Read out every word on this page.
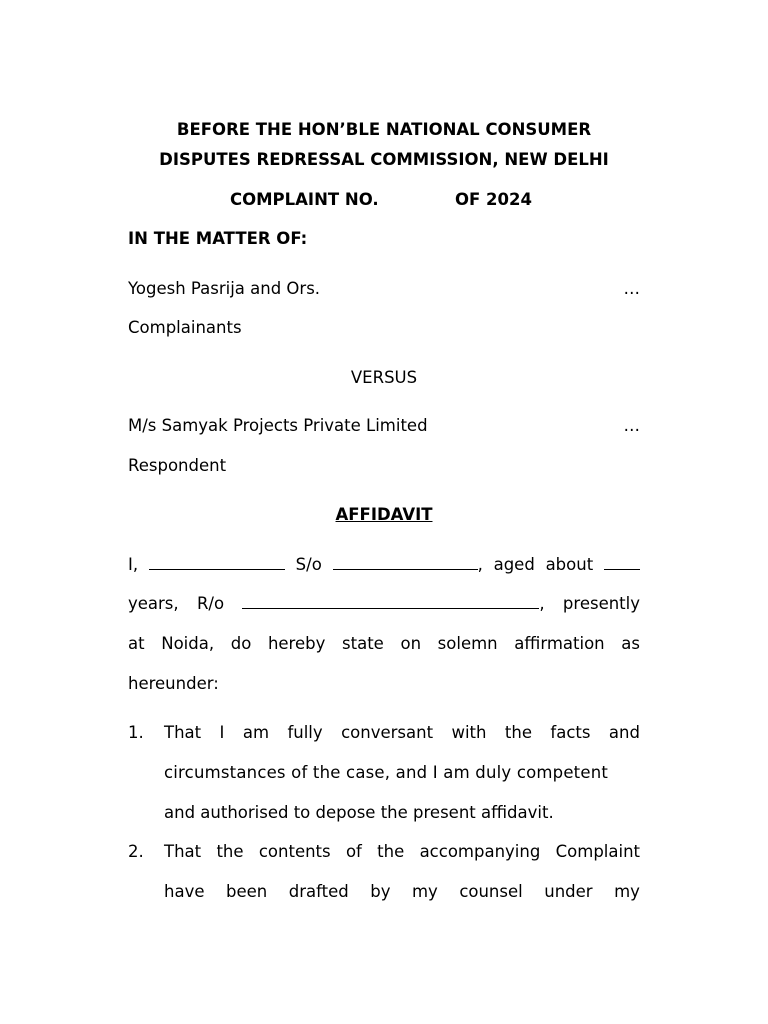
BEFORE THE HON’BLE NATIONAL CONSUMER
DISPUTES REDRESSAL COMMISSION, NEW DELHI
COMPLAINT NO.	OF 2024
IN THE MATTER OF:
Yogesh Pasrija and Ors.	…
Complainants
VERSUS
M/s Samyak Projects Private Limited	…
Respondent
AFFIDAVIT
I,	S/o	, aged about
years, R/o	, presently
at Noida, do hereby state on solemn affirmation as
hereunder:
1. That I am fully conversant with the facts and
circumstances of the case, and I am duly competent
and authorised to depose the present affidavit.
2. That the contents of the accompanying Complaint
have been drafted by my counsel under my
